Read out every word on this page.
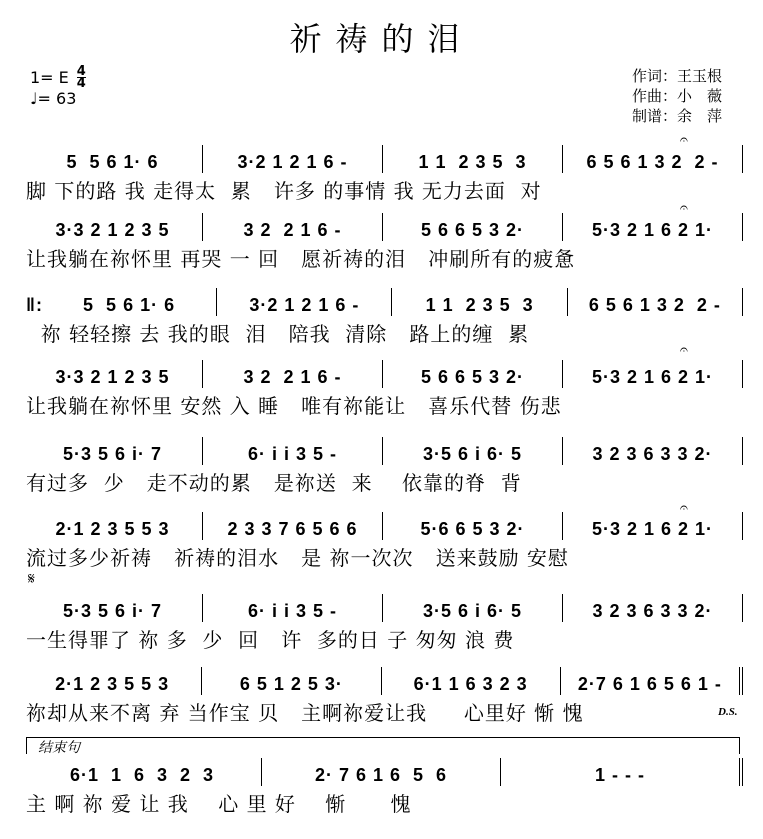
祈祷的泪
1= E $\frac{4}{4}$
♩= 63
作词：王玉根
作曲：小　薇
制谱：余　萍
5  5 6 1· 6	3·2 1 2 1 6 -	1 1  2 3 5  3	6 5 6 1 3 2  2 -
脚 下的路 我 走得太  累   许多 的事情 我 无力去面  对
3·3 2 1 2 3 5	3 2  2 1 6 -	5 6 6 5 3 2·	5·3 2 1 6 2 1·
让我躺在祢怀里 再哭 一 回   愿祈祷的泪   冲刷所有的疲惫
‖:	5  5 6 1· 6	3·2 1 2 1 6 -	1 1  2 3 5  3	6 5 6 1 3 2  2 -
祢 轻轻擦 去 我的眼  泪   陪我  清除   路上的缠  累
3·3 2 1 2 3 5	3 2  2 1 6 -	5 6 6 5 3 2·	5·3 2 1 6 2 1·
让我躺在祢怀里 安然 入 睡   唯有祢能让   喜乐代替 伤悲
5·3 5 6 i· 7	6· i i 3 5 -	3·5 6 i 6· 5	3 2 3 6 3 3 2·
有过多  少   走不动的累   是祢送  来    依靠的脊  背
2·1 2 3 5 5 3	2 3 3 7 6 5 6 6	5·6 6 5 3 2·	5·3 2 1 6 2 1·
流过多少祈祷   祈祷的泪水   是 祢一次次   送来鼓励 安慰
5·3 5 6 i· 7	6· i i 3 5 -	3·5 6 i 6· 5	3 2 3 6 3 3 2·
一生得罪了 祢 多  少  回   许  多的日 子 匆匆 浪 费
2·1 2 3 5 5 3	6 5 1 2 5 3·	6·1 1 6 3 2 3	2·7 6 1 6 5 6 1 -
祢却从来不离 弃 当作宝 贝   主啊祢爱让我     心里好 惭 愧
6·1  1  6  3  2  3	2· 7 6 1 6  5  6	1 - - -
主 啊 祢 爱 让 我    心 里 好    惭      愧
𝄐
𝄐
𝄐
𝄐
𝄋
D.S.
结束句
